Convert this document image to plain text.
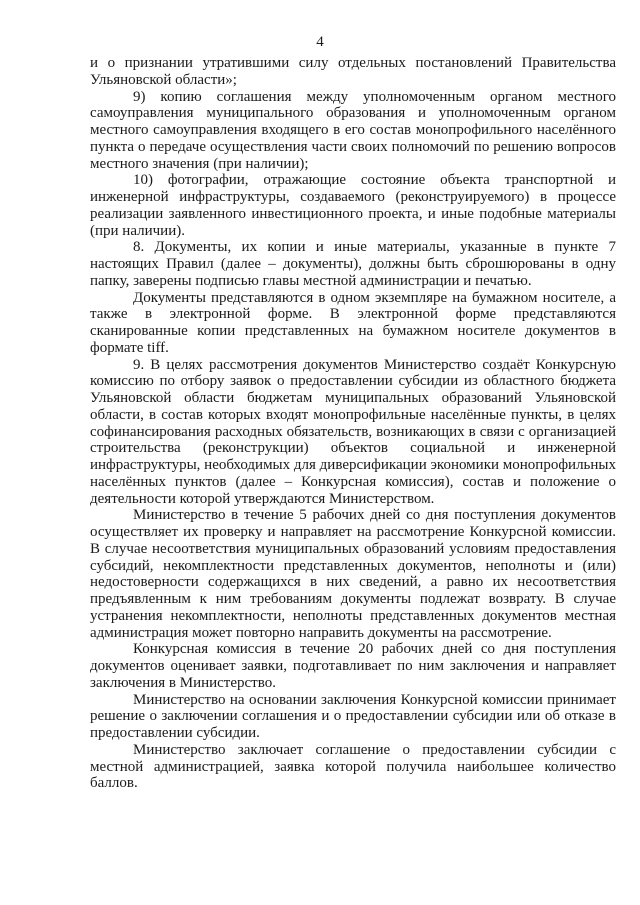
4

и о признании утратившими силу отдельных постановлений Правительства Ульяновской области»;

9) копию соглашения между уполномоченным органом местного самоуправления муниципального образования и уполномоченным органом местного самоуправления входящего в его состав монопрофильного населённого пункта о передаче осуществления части своих полномочий по решению вопросов местного значения (при наличии);

10) фотографии, отражающие состояние объекта транспортной и инженерной инфраструктуры, создаваемого (реконструируемого) в процессе реализации заявленного инвестиционного проекта, и иные подобные материалы (при наличии).

8. Документы, их копии и иные материалы, указанные в пункте 7 настоящих Правил (далее – документы), должны быть сброшюрованы в одну папку, заверены подписью главы местной администрации и печатью.

Документы представляются в одном экземпляре на бумажном носителе, а также в электронной форме. В электронной форме представляются сканированные копии представленных на бумажном носителе документов в формате tiff.

9. В целях рассмотрения документов Министерство создаёт Конкурсную комиссию по отбору заявок о предоставлении субсидии из областного бюджета Ульяновской области бюджетам муниципальных образований Ульяновской области, в состав которых входят монопрофильные населённые пункты, в целях софинансирования расходных обязательств, возникающих в связи с организацией строительства (реконструкции) объектов социальной и инженерной инфраструктуры, необходимых для диверсификации экономики монопрофильных населённых пунктов (далее – Конкурсная комиссия), состав и положение о деятельности которой утверждаются Министерством.

Министерство в течение 5 рабочих дней со дня поступления документов осуществляет их проверку и направляет на рассмотрение Конкурсной комиссии. В случае несоответствия муниципальных образований условиям предоставления субсидий, некомплектности представленных документов, неполноты и (или) недостоверности содержащихся в них сведений, а равно их несоответствия предъявленным к ним требованиям документы подлежат возврату. В случае устранения некомплектности, неполноты представленных документов местная администрация может повторно направить документы на рассмотрение.

Конкурсная комиссия в течение 20 рабочих дней со дня поступления документов оценивает заявки, подготавливает по ним заключения и направляет заключения в Министерство.

Министерство на основании заключения Конкурсной комиссии принимает решение о заключении соглашения и о предоставлении субсидии или об отказе в предоставлении субсидии.

Министерство заключает соглашение о предоставлении субсидии с местной администрацией, заявка которой получила наибольшее количество баллов.
